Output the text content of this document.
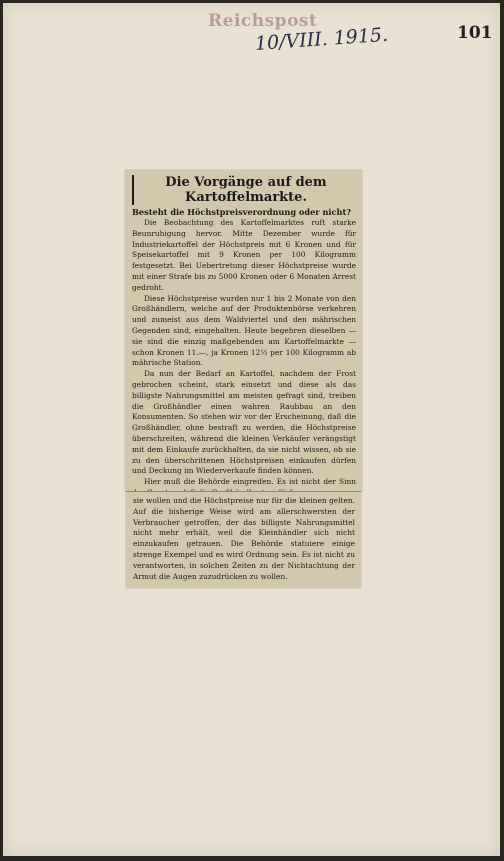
Reichspost
10/VIII. 1915.	101
Die Vorgänge auf dem Kartoffelmarkte.
Besteht die Höchstpreisverordnung oder nicht?

Die Beobachtung des Kartoffelmarktes ruft starke Beunruhigung hervor. Mitte Dezember wurde für Industriekartoffel der Höchstpreis mit 6 Kronen und für Speisekartoffel mit 9 Kronen per 100 Kilogramm festgesetzt. Bei Uebertretung dieser Höchstpreise wurde mit einer Strafe bis zu 5000 Kronen oder 6 Monaten Arrest gedroht.

Diese Höchstpreise wurden nur 1 bis 2 Monate von den Großhändlern, welche auf der Produktenbörse verkehren und zumeist aus dem Waldviertel und den mährischen Gegenden sind, eingehalten. Heute begehren dieselben — sie sind die einzig maßgebenden am Kartoffelmarkte — schon Kronen 11.—, ja Kronen 12½ per 100 Kilogramm ab mährische Station.

Da nun der Bedarf an Kartoffel, nachdem der Frost gebrochen scheint, stark einsetzt und diese als das billigste Nahrungsmittel am meisten gefragt sind, treiben die Großhändler einen wahren Raubbau an den Konsumenten. So stehen wir vor der Erscheinung, daß die Großhändler, ohne bestraft zu werden, die Höchstpreise überschreiten, während die kleinen Verkäufer verängstigt mit dem Einkaufe zurückhalten, da sie nicht wissen, ob sie zu den überschrittenen Höchstpreisen einkaufen dürfen und Deckung im Wiederverkaufe finden können.

Hier muß die Behörde eingreifen. Es ist nicht der Sinn

sie wollen und die Höchstpreise nur für die kleinen gelten. Auf die bisherige Weise wird am allerschwersten der Verbraucher getroffen, der das billigste Nahrungsmittel nicht mehr erhält, weil die Kleinhändler sich nicht einzukaufen getrauen. Die Behörde statuiere einige strenge Exempel und es wird Ordnung sein. Es ist nicht zu verantworten, in solchen Zeiten zu der Nichtachtung der Armut die Augen zuzudrücken zu wollen.
